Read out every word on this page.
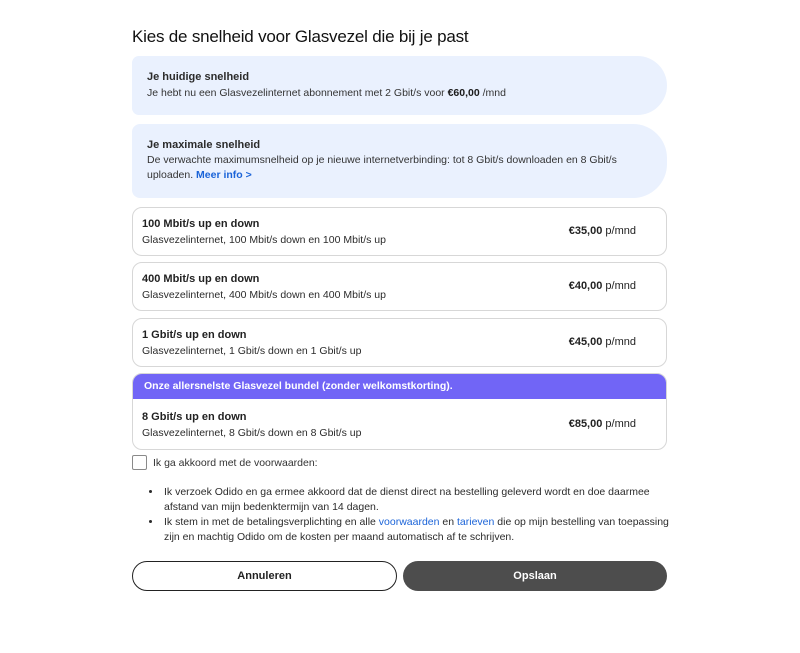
Kies de snelheid voor Glasvezel die bij je past
Je huidige snelheid
Je hebt nu een Glasvezelinternet abonnement met 2 Gbit/s voor €60,00 /mnd
Je maximale snelheid
De verwachte maximumsnelheid op je nieuwe internetverbinding: tot 8 Gbit/s downloaden en 8 Gbit/s uploaden. Meer info >
100 Mbit/s up en down
Glasvezelinternet, 100 Mbit/s down en 100 Mbit/s up
€35,00 p/mnd
400 Mbit/s up en down
Glasvezelinternet, 400 Mbit/s down en 400 Mbit/s up
€40,00 p/mnd
1 Gbit/s up en down
Glasvezelinternet, 1 Gbit/s down en 1 Gbit/s up
€45,00 p/mnd
Onze allersnelste Glasvezel bundel (zonder welkomstkorting).
8 Gbit/s up en down
Glasvezelinternet, 8 Gbit/s down en 8 Gbit/s up
€85,00 p/mnd
Ik ga akkoord met de voorwaarden:
• Ik verzoek Odido en ga ermee akkoord dat de dienst direct na bestelling geleverd wordt en doe daarmee afstand van mijn bedenktermijn van 14 dagen.
• Ik stem in met de betalingsverplichting en alle voorwaarden en tarieven die op mijn bestelling van toepassing zijn en machtig Odido om de kosten per maand automatisch af te schrijven.
Annuleren	Opslaan
